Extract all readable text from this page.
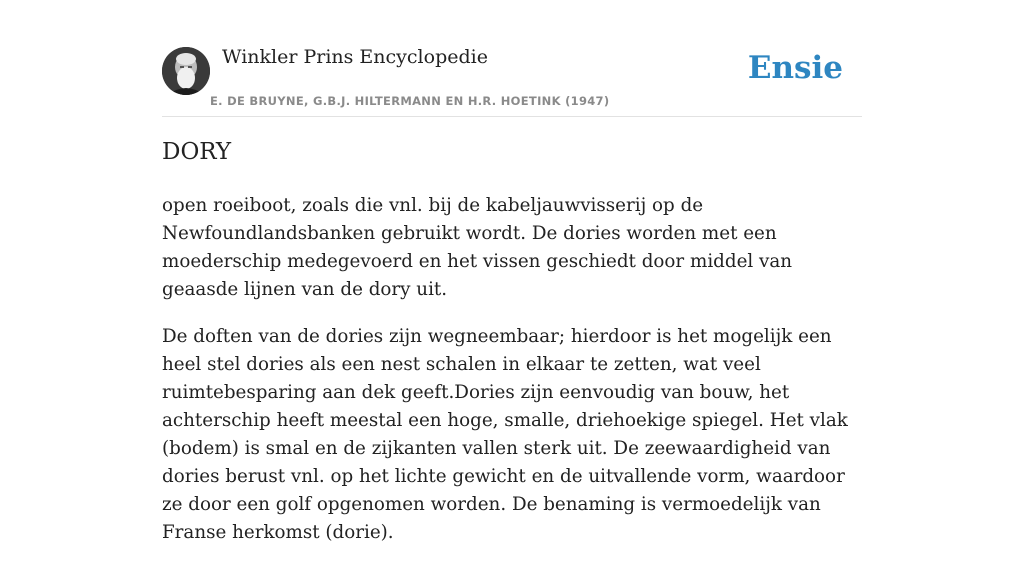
Winkler Prins Encyclopedie
E. DE BRUYNE, G.B.J. HILTERMANN EN H.R. HOETINK (1947)
Ensie
DORY

open roeiboot, zoals die vnl. bij de kabeljauwvisserij op de Newfoundlandsbanken gebruikt wordt. De dories worden met een moederschip medegevoerd en het vissen geschiedt door middel van geaasde lijnen van de dory uit.

De doften van de dories zijn wegneembaar; hierdoor is het mogelijk een heel stel dories als een nest schalen in elkaar te zetten, wat veel ruimtebesparing aan dek geeft.Dories zijn eenvoudig van bouw, het achterschip heeft meestal een hoge, smalle, driehoekige spiegel. Het vlak (bodem) is smal en de zijkanten vallen sterk uit. De zeewaardigheid van dories berust vnl. op het lichte gewicht en de uitvallende vorm, waardoor ze door een golf opgenomen worden. De benaming is vermoedelijk van Franse herkomst (dorie).
